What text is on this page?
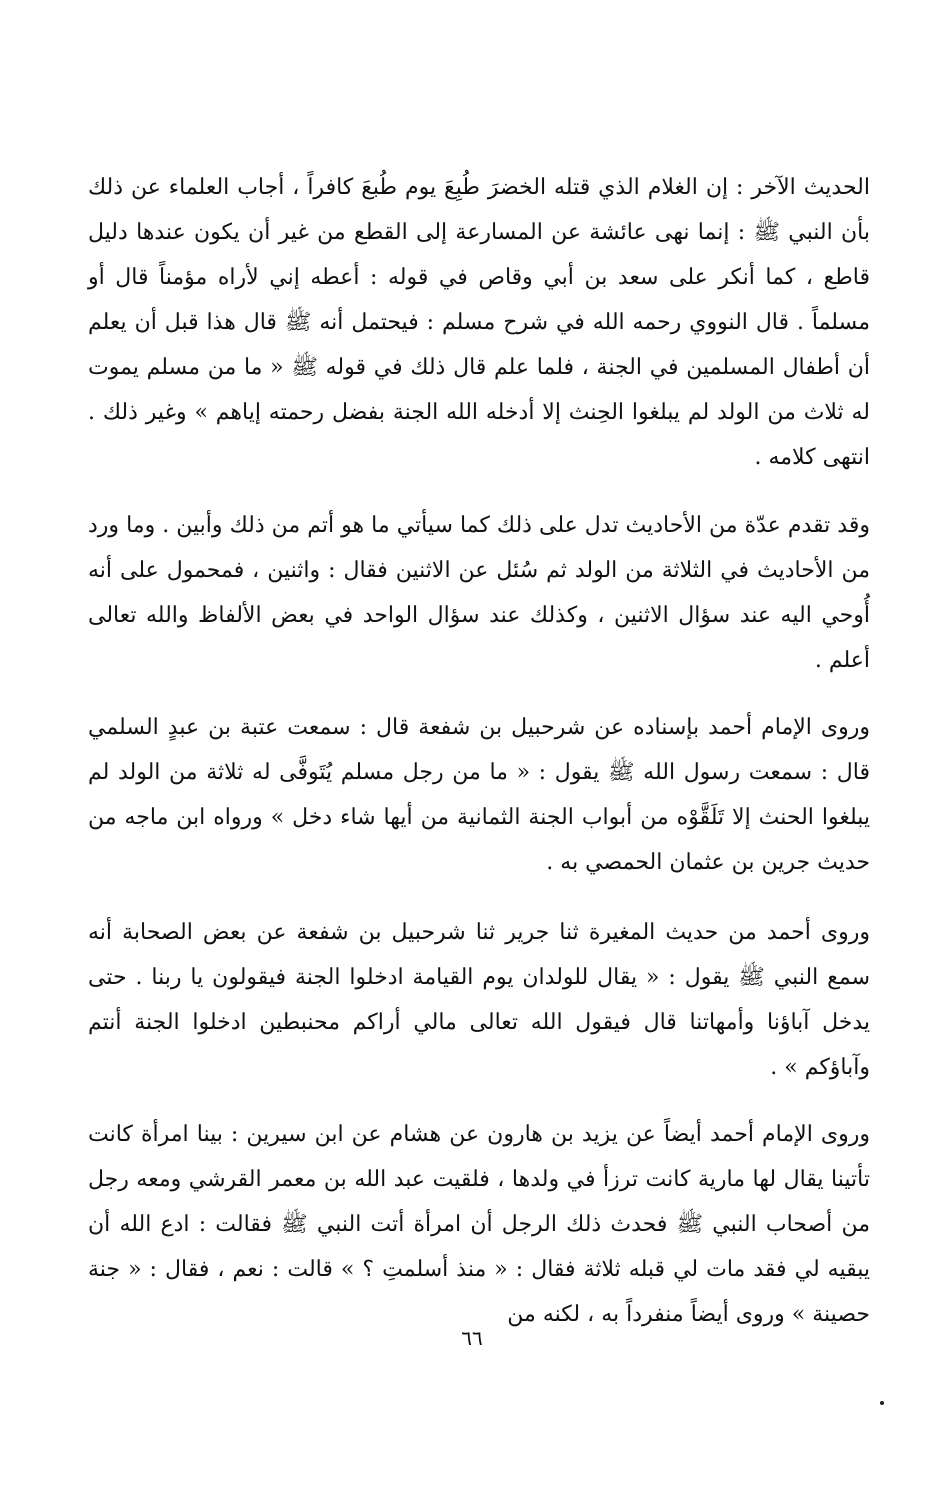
الحديث الآخر : إن الغلام الذي قتله الخضرَ طُبِعَ يوم طُبعَ كافراً ، أجاب العلماء عن ذلك بأن النبي ﷺ : إنما نهى عائشة عن المسارعة إلى القطع من غير أن يكون عندها دليل قاطع ، كما أنكر على سعد بن أبي وقاص في قوله : أعطه إني لأراه مؤمناً قال أو مسلماً . قال النووي رحمه الله في شرح مسلم : فيحتمل أنه ﷺ قال هذا قبل أن يعلم أن أطفال المسلمين في الجنة ، فلما علم قال ذلك في قوله ﷺ « ما من مسلم يموت له ثلاث من الولد لم يبلغوا الحِنث إلا أدخله الله الجنة بفضل رحمته إياهم » وغير ذلك . انتهى كلامه .

وقد تقدم عدّة من الأحاديث تدل على ذلك كما سيأتي ما هو أتم من ذلك وأبين . وما ورد من الأحاديث في الثلاثة من الولد ثم سُئل عن الاثنين فقال : واثنين ، فمحمول على أنه أُوحي اليه عند سؤال الاثنين ، وكذلك عند سؤال الواحد في بعض الألفاظ والله تعالى أعلم .

وروى الإمام أحمد بإسناده عن شرحبيل بن شفعة قال : سمعت عتبة بن عبدٍ السلمي قال : سمعت رسول الله ﷺ يقول : « ما من رجل مسلم يُتَوفَّى له ثلاثة من الولد لم يبلغوا الحنث إلا تَلَقَّوْه من أبواب الجنة الثمانية من أيها شاء دخل » ورواه ابن ماجه من حديث جرين بن عثمان الحمصي به .

وروى أحمد من حديث المغيرة ثنا جرير ثنا شرحبيل بن شفعة عن بعض الصحابة أنه سمع النبي ﷺ يقول : « يقال للولدان يوم القيامة ادخلوا الجنة فيقولون يا ربنا . حتى يدخل آباؤنا وأمهاتنا قال فيقول الله تعالى مالي أراكم محنبطين ادخلوا الجنة أنتم وآباؤكم » .

وروى الإمام أحمد أيضاً عن يزيد بن هارون عن هشام عن ابن سيرين : بينا امرأة كانت تأتينا يقال لها مارية كانت ترزأ في ولدها ، فلقيت عبد الله بن معمر القرشي ومعه رجل من أصحاب النبي ﷺ فحدث ذلك الرجل أن امرأة أتت النبي ﷺ فقالت : ادع الله أن يبقيه لي فقد مات لي قبله ثلاثة فقال : « منذ أسلمتِ ؟ » قالت : نعم ، فقال : « جنة حصينة » وروى أيضاً منفرداً به ، لكنه من

٦٦
